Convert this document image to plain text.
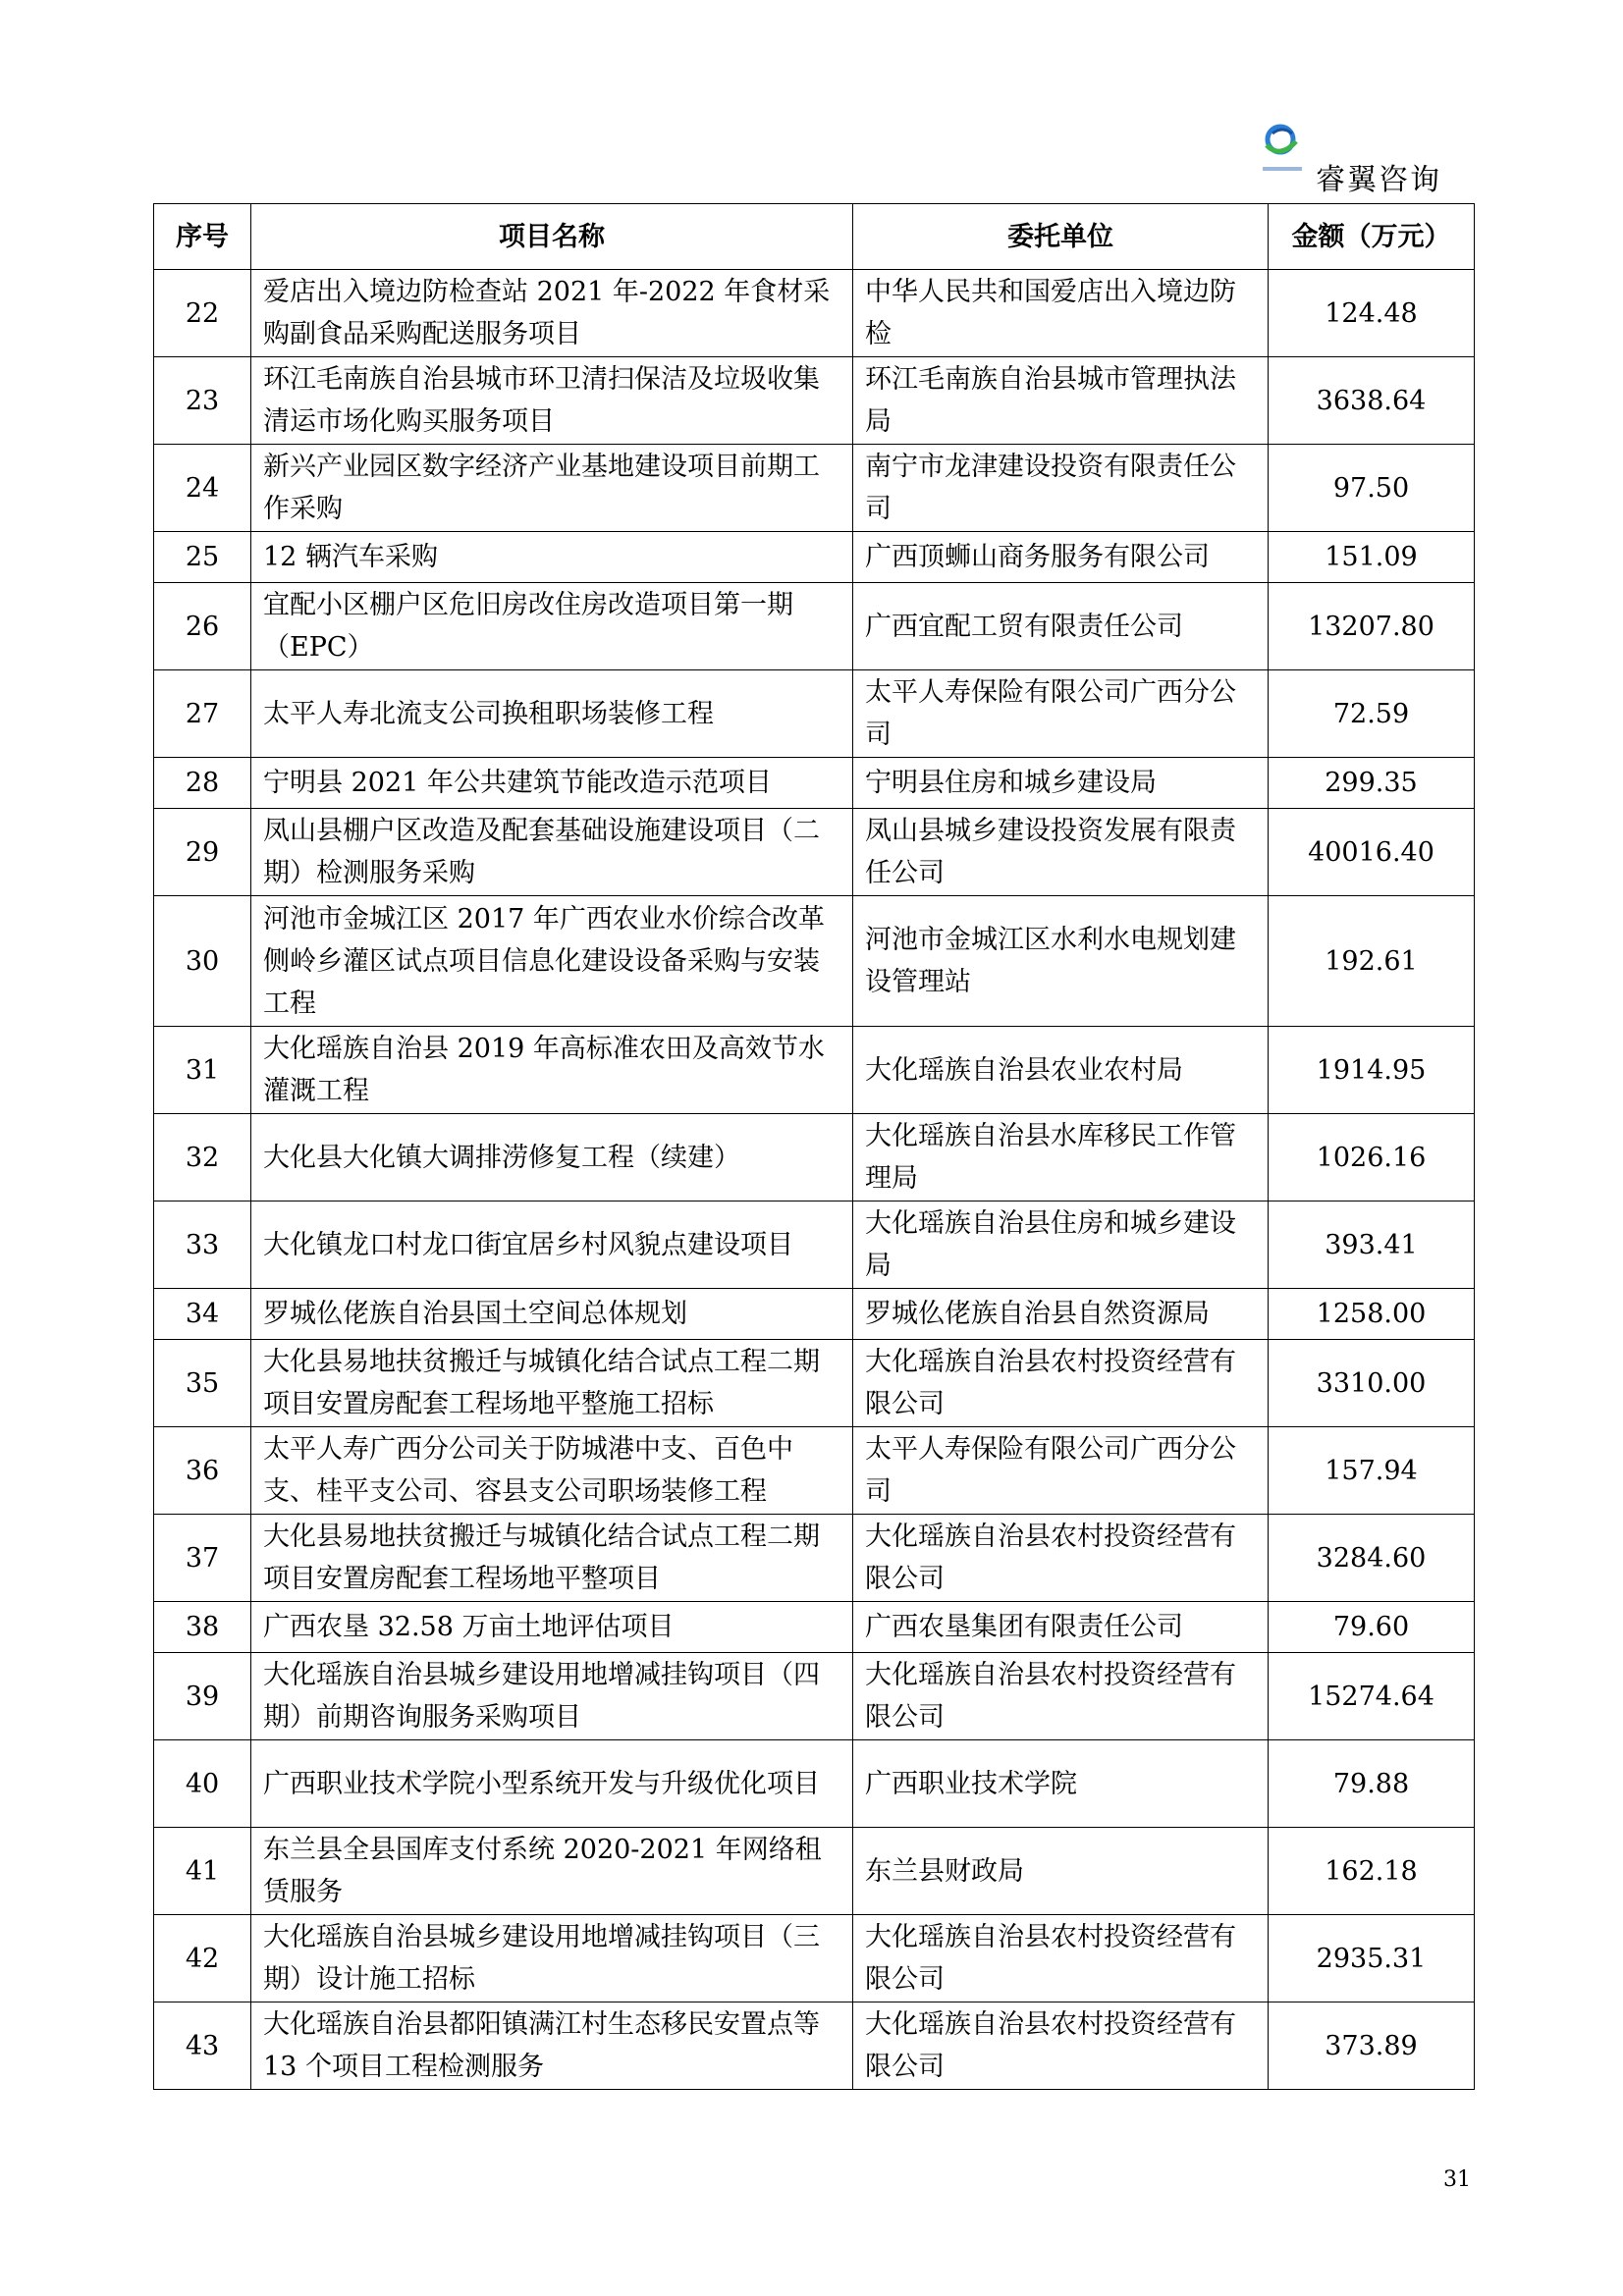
睿翼咨询
序号	项目名称	委托单位	金额（万元）
22	爱店出入境边防检查站 2021 年-2022 年食材采购副食品采购配送服务项目	中华人民共和国爱店出入境边防检	124.48
23	环江毛南族自治县城市环卫清扫保洁及垃圾收集清运市场化购买服务项目	环江毛南族自治县城市管理执法局	3638.64
24	新兴产业园区数字经济产业基地建设项目前期工作采购	南宁市龙津建设投资有限责任公司	97.50
25	12 辆汽车采购	广西顶蛳山商务服务有限公司	151.09
26	宜配小区棚户区危旧房改住房改造项目第一期（EPC）	广西宜配工贸有限责任公司	13207.80
27	太平人寿北流支公司换租职场装修工程	太平人寿保险有限公司广西分公司	72.59
28	宁明县 2021 年公共建筑节能改造示范项目	宁明县住房和城乡建设局	299.35
29	凤山县棚户区改造及配套基础设施建设项目（二期）检测服务采购	凤山县城乡建设投资发展有限责任公司	40016.40
30	河池市金城江区 2017 年广西农业水价综合改革侧岭乡灌区试点项目信息化建设设备采购与安装工程	河池市金城江区水利水电规划建设管理站	192.61
31	大化瑶族自治县 2019 年高标准农田及高效节水灌溉工程	大化瑶族自治县农业农村局	1914.95
32	大化县大化镇大调排涝修复工程（续建）	大化瑶族自治县水库移民工作管理局	1026.16
33	大化镇龙口村龙口街宜居乡村风貌点建设项目	大化瑶族自治县住房和城乡建设局	393.41
34	罗城仫佬族自治县国土空间总体规划	罗城仫佬族自治县自然资源局	1258.00
35	大化县易地扶贫搬迁与城镇化结合试点工程二期项目安置房配套工程场地平整施工招标	大化瑶族自治县农村投资经营有限公司	3310.00
36	太平人寿广西分公司关于防城港中支、百色中支、桂平支公司、容县支公司职场装修工程	太平人寿保险有限公司广西分公司	157.94
37	大化县易地扶贫搬迁与城镇化结合试点工程二期项目安置房配套工程场地平整项目	大化瑶族自治县农村投资经营有限公司	3284.60
38	广西农垦 32.58 万亩土地评估项目	广西农垦集团有限责任公司	79.60
39	大化瑶族自治县城乡建设用地增减挂钩项目（四期）前期咨询服务采购项目	大化瑶族自治县农村投资经营有限公司	15274.64
40	广西职业技术学院小型系统开发与升级优化项目	广西职业技术学院	79.88
41	东兰县全县国库支付系统 2020-2021 年网络租赁服务	东兰县财政局	162.18
42	大化瑶族自治县城乡建设用地增减挂钩项目（三期）设计施工招标	大化瑶族自治县农村投资经营有限公司	2935.31
43	大化瑶族自治县都阳镇满江村生态移民安置点等 13 个项目工程检测服务	大化瑶族自治县农村投资经营有限公司	373.89
31
